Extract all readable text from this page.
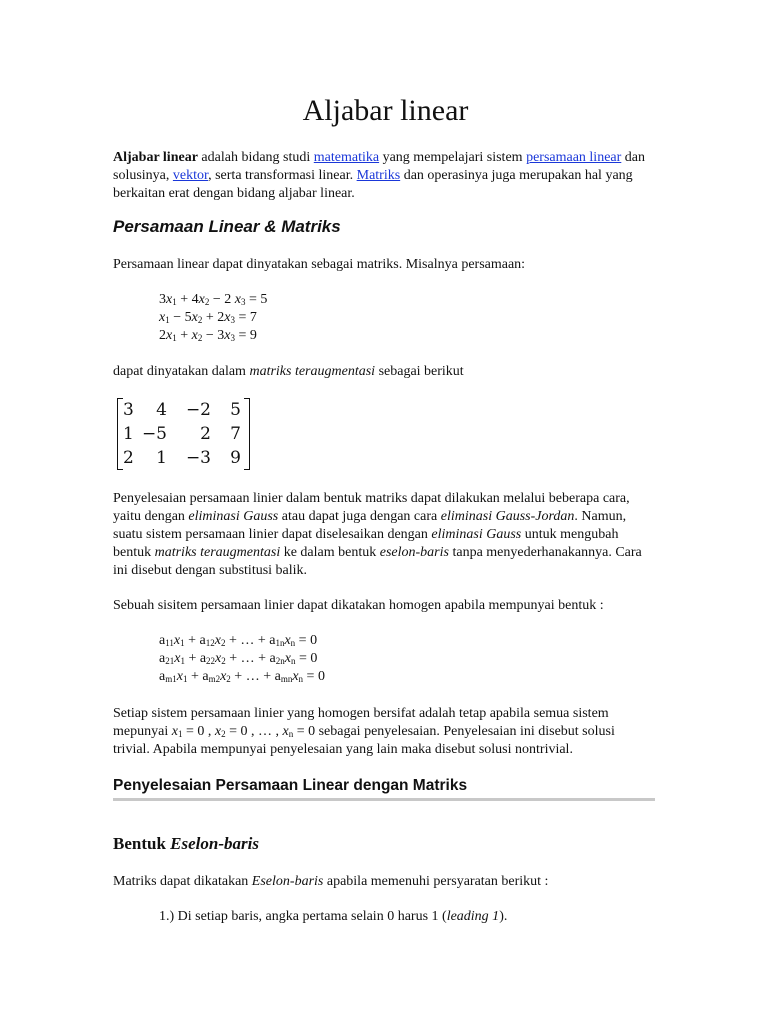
Aljabar linear

Aljabar linear adalah bidang studi matematika yang mempelajari sistem persamaan linear dan solusinya, vektor, serta transformasi linear. Matriks dan operasinya juga merupakan hal yang berkaitan erat dengan bidang aljabar linear.

Persamaan Linear & Matriks

Persamaan linear dapat dinyatakan sebagai matriks. Misalnya persamaan:

$3x_1 + 4x_2 - 2$ $x_3 = 5$
$x_1 - 5x_2 + 2x_3 = 7$
$2x_1 + x_2 - 3x_3 = 9$

dapat dinyatakan dalam matriks teraugmentasi sebagai berikut

3	4	−2	5
1	−5	2	7
2	1	−3	9

Penyelesaian persamaan linier dalam bentuk matriks dapat dilakukan melalui beberapa cara, yaitu dengan eliminasi Gauss atau dapat juga dengan cara eliminasi Gauss-Jordan. Namun, suatu sistem persamaan linier dapat diselesaikan dengan eliminasi Gauss untuk mengubah bentuk matriks teraugmentasi ke dalam bentuk eselon-baris tanpa menyederhanakannya. Cara ini disebut dengan substitusi balik.

Sebuah sisitem persamaan linier dapat dikatakan homogen apabila mempunyai bentuk :

$a_{11}x_1 + a_{12}x_2$ + … + $a_{1n}x_n = 0$
$a_{21}x_1 + a_{22}x_2$ + … + $a_{2n}x_n = 0$
$a_{m1}x_1 + a_{m2}x_2$ + … + $a_{mn}x_n = 0$

Setiap sistem persamaan linier yang homogen bersifat adalah tetap apabila semua sistem mepunyai $x_1 = 0$ , $x_2 = 0$ , … , $x_n = 0$ sebagai penyelesaian. Penyelesaian ini disebut solusi trivial. Apabila mempunyai penyelesaian yang lain maka disebut solusi nontrivial.

Penyelesaian Persamaan Linear dengan Matriks
Bentuk Eselon-baris

Matriks dapat dikatakan Eselon-baris apabila memenuhi persyaratan berikut :

1.) Di setiap baris, angka pertama selain 0 harus 1 (leading 1).
